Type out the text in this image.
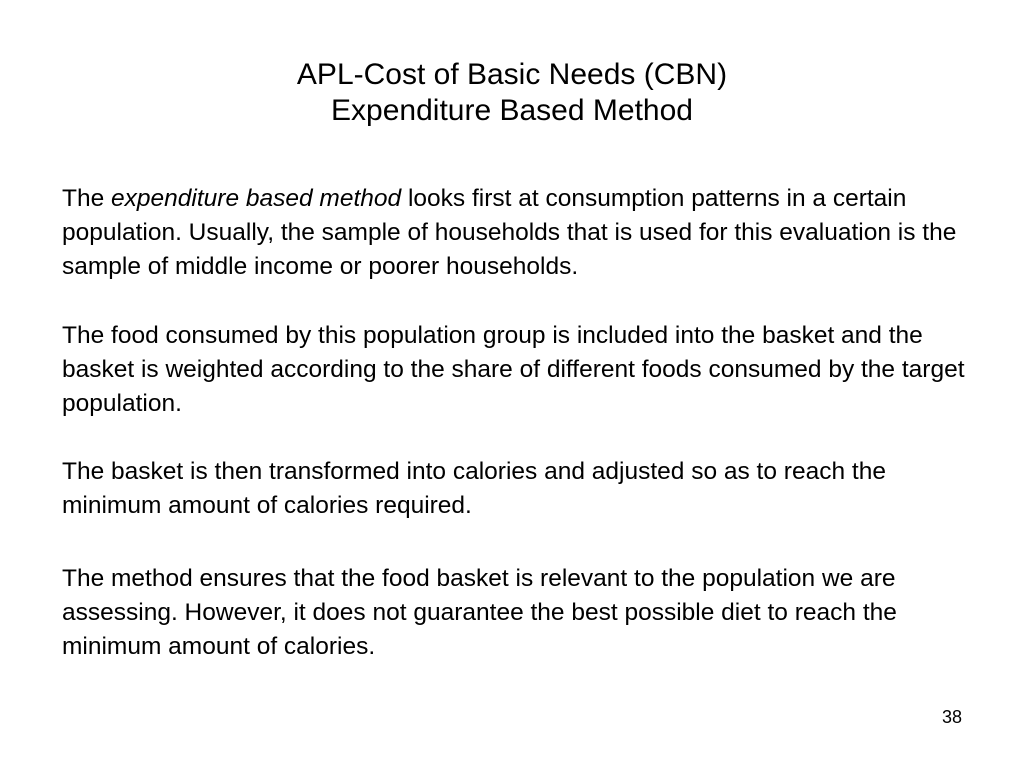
APL-Cost of Basic Needs (CBN)
Expenditure Based Method

The expenditure based method looks first at consumption patterns in a certain population. Usually, the sample of households that is used for this evaluation is the sample of middle income or poorer households.

The food consumed by this population group is included into the basket and the basket is weighted according to the share of different foods consumed by the target population.

The basket is then transformed into calories and adjusted so as to reach the minimum amount of calories required.

The method ensures that the food basket is relevant to the population we are assessing. However, it does not guarantee the best possible diet to reach the minimum amount of calories.

38
